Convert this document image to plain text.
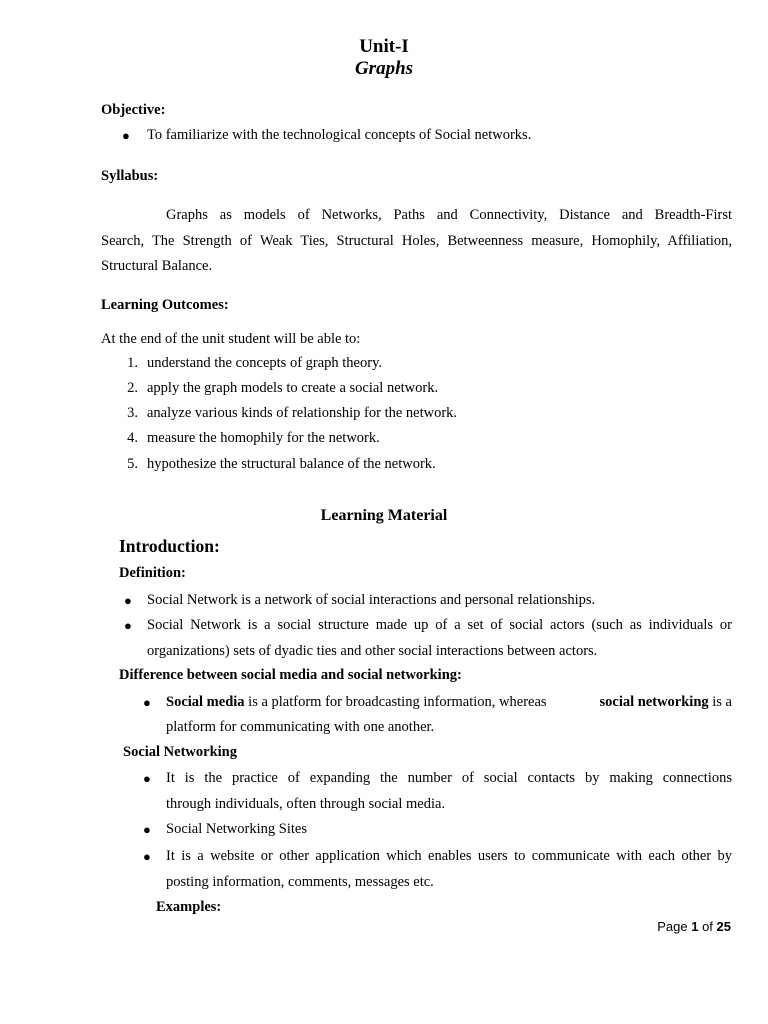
Unit-I
Graphs
Objective:
● To familiarize with the technological concepts of Social networks.
Syllabus:
Graphs as models of Networks, Paths and Connectivity, Distance and Breadth-First
Search, The Strength of Weak Ties, Structural Holes, Betweenness measure, Homophily, Affiliation,
Structural Balance.
Learning Outcomes:
At the end of the unit student will be able to:
1. understand the concepts of graph theory.
2. apply the graph models to create a social network.
3. analyze various kinds of relationship for the network.
4. measure the homophily for the network.
5. hypothesize the structural balance of the network.
Learning Material
Introduction:
Definition:
● Social Network is a network of social interactions and personal relationships.
● Social Network is a social structure made up of a set of social actors (such as individuals or
organizations) sets of dyadic ties and other social interactions between actors.
Difference between social media and social networking:
● Social media is a platform for broadcasting information, whereas	social networking is a
platform for communicating with one another.
Social Networking
● It is the practice of expanding the number of social contacts by making connections
through individuals, often through social media.
● Social Networking Sites
● It is a website or other application which enables users to communicate with each other by
posting information, comments, messages etc.
Examples:
Page 1 of 25
